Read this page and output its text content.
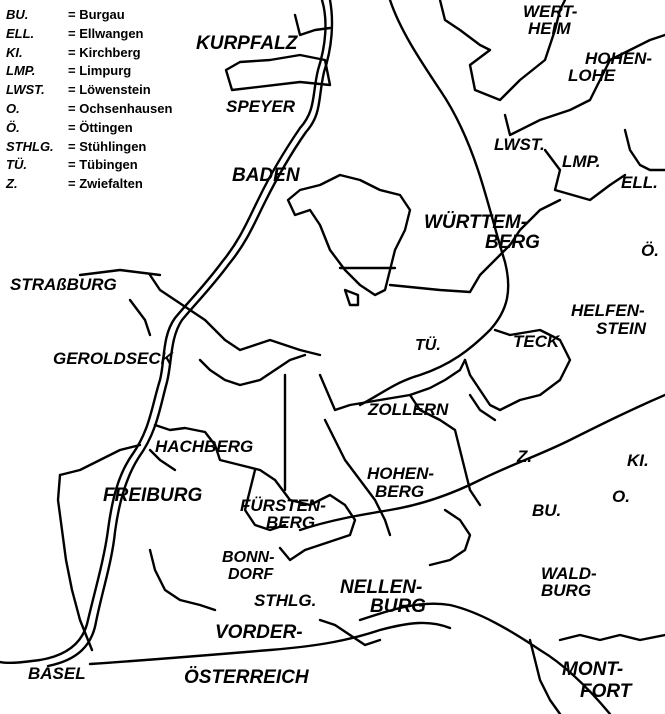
BU.	= Burgau
ELL.	= Ellwangen
KI.	= Kirchberg
LMP.	= Limpurg
LWST.	= Löwenstein
O.	= Ochsenhausen
Ö.	= Öttingen
STHLG.	= Stühlingen
TÜ.	= Tübingen
Z.	= Zwiefalten
KURPFALZ
SPEYER
BADEN
WERT-
HEIM
HOHEN-
LOHE
LWST.
LMP.
ELL.
WÜRTTEM-
BERG	Ö.
STRAßBURG
GEROLDSECK
TÜ.	TECK
HELFEN-
STEIN
ZOLLERN
HACHBERG
Z.	KI.
HOHEN-
BERG
FREIBURG FÜRSTEN-
BERG
O.
BU.
BONN-
DORF	WALD-
BURG
NELLEN-
BURG
STHLG.
VORDER-
BASEL	ÖSTERREICH	MONT-
FORT
